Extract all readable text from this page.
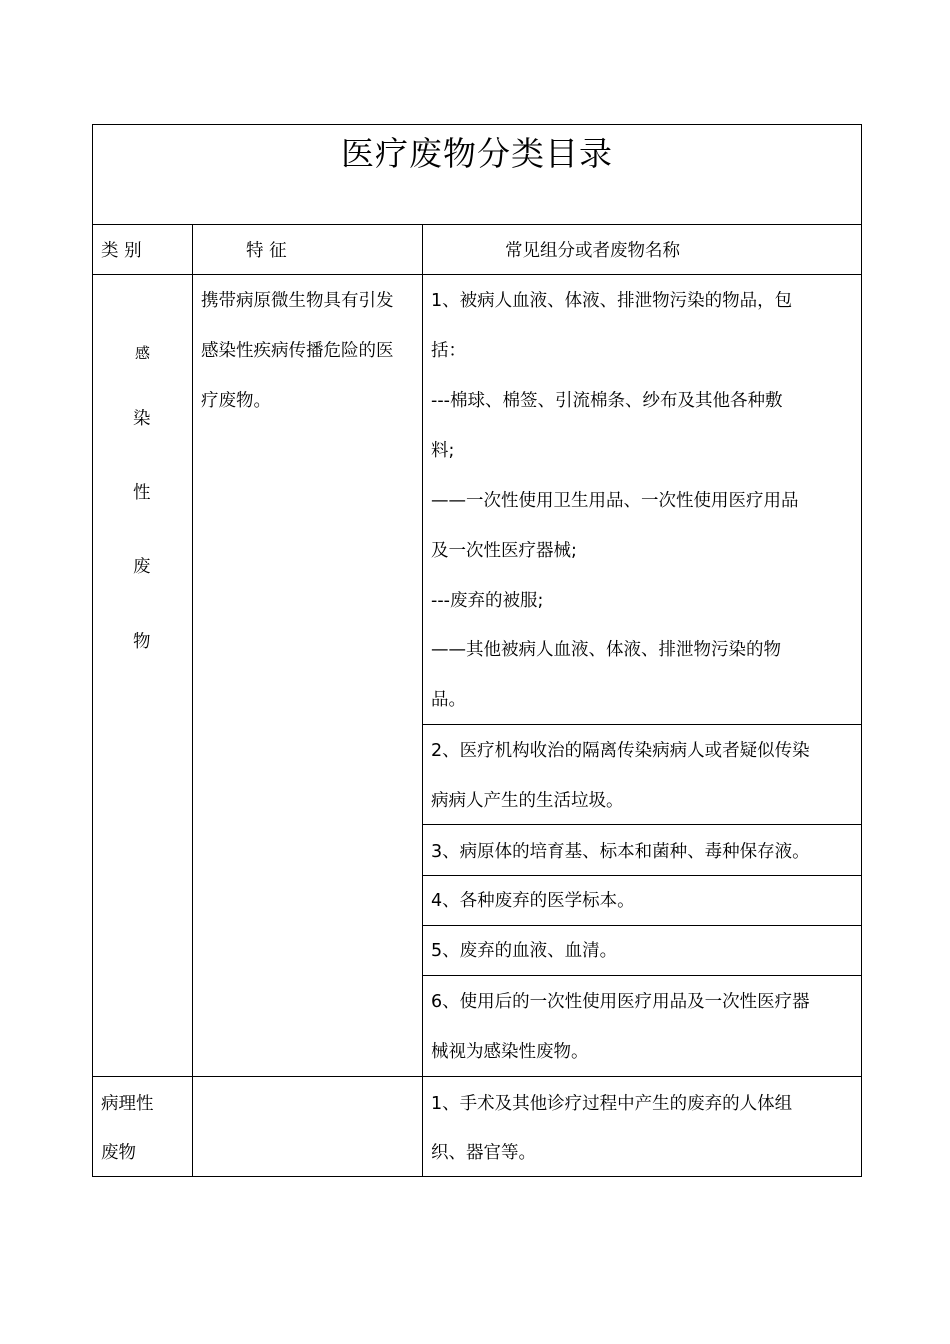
医疗废物分类目录
类 别	特 征	常见组分或者废物名称
感
染
性
废
物
携带病原微生物具有引发
感染性疾病传播危险的医
疗废物。
1、被病人血液、体液、排泄物污染的物品，包
括：
---棉球、棉签、引流棉条、纱布及其他各种敷
料;
——一次性使用卫生用品、一次性使用医疗用品
及一次性医疗器械;
---废弃的被服;
——其他被病人血液、体液、排泄物污染的物
品。
2、医疗机构收治的隔离传染病病人或者疑似传染
病病人产生的生活垃圾。
3、病原体的培育基、标本和菌种、毒种保存液。
4、各种废弃的医学标本。
5、废弃的血液、血清。
6、使用后的一次性使用医疗用品及一次性医疗器
械视为感染性废物。
病理性
废物
1、手术及其他诊疗过程中产生的废弃的人体组
织、器官等。
